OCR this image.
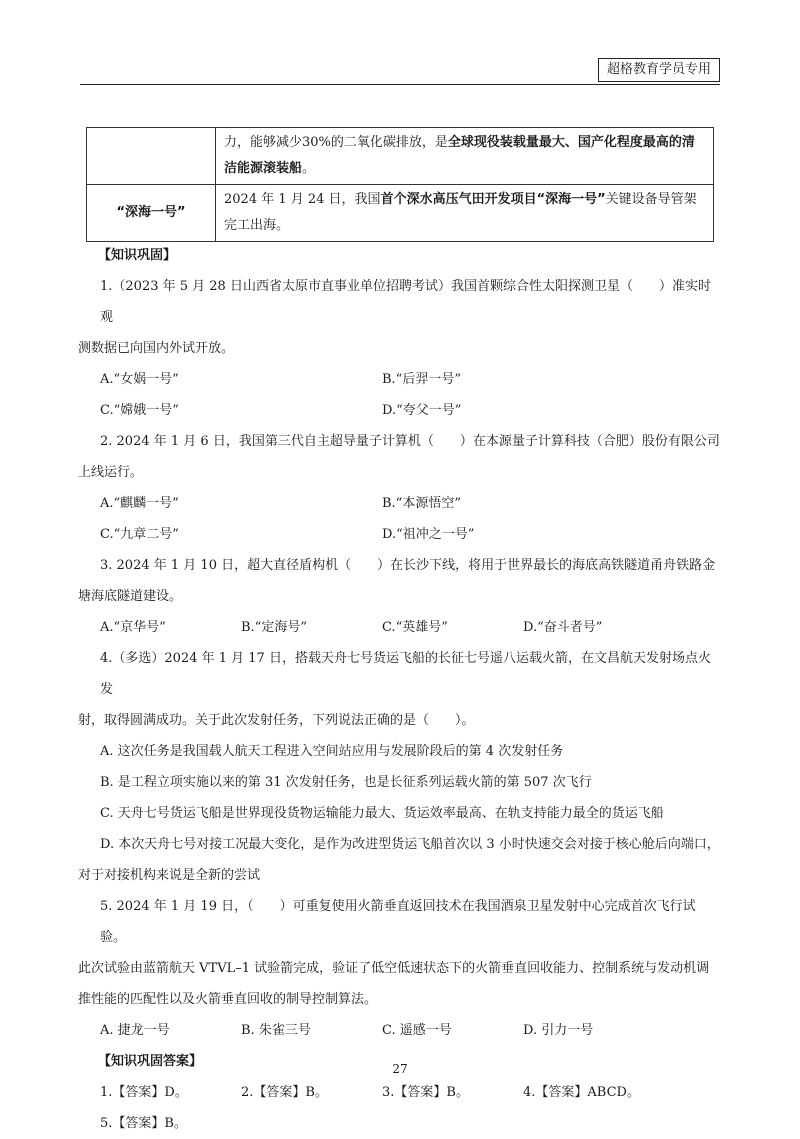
超格教育学员专用
	力，能够减少30%的二氧化碳排放，是全球现役装载量最大、国产化程度最高的清洁能源滚装船。
“深海一号”	2024 年 1 月 24 日，我国首个深水高压气田开发项目“深海一号”关键设备导管架完工出海。

【知识巩固】

1.（2023 年 5 月 28 日山西省太原市直事业单位招聘考试）我国首颗综合性太阳探测卫星（　　）准实时观

测数据已向国内外试开放。

A.“女娲一号”	B.“后羿一号”
C.“嫦娥一号”	D.“夸父一号”

2. 2024 年 1 月 6 日，我国第三代自主超导量子计算机（　　）在本源量子计算科技（合肥）股份有限公司

上线运行。

A.“麒麟一号”	B.“本源悟空”
C.“九章二号”	D.“祖冲之一号”

3. 2024 年 1 月 10 日，超大直径盾构机（　　）在长沙下线，将用于世界最长的海底高铁隧道甬舟铁路金

塘海底隧道建设。

A.“京华号”	B.“定海号”	C.“英雄号”	D.“奋斗者号”

4.（多选）2024 年 1 月 17 日，搭载天舟七号货运飞船的长征七号遥八运载火箭，在文昌航天发射场点火发

射，取得圆满成功。关于此次发射任务，下列说法正确的是（　　）。

A. 这次任务是我国载人航天工程进入空间站应用与发展阶段后的第 4 次发射任务

B. 是工程立项实施以来的第 31 次发射任务，也是长征系列运载火箭的第 507 次飞行

C. 天舟七号货运飞船是世界现役货物运输能力最大、货运效率最高、在轨支持能力最全的货运飞船

D. 本次天舟七号对接工况最大变化，是作为改进型货运飞船首次以 3 小时快速交会对接于核心舱后向端口，

对于对接机构来说是全新的尝试

5. 2024 年 1 月 19 日，（　　）可重复使用火箭垂直返回技术在我国酒泉卫星发射中心完成首次飞行试验。

此次试验由蓝箭航天 VTVL–1 试验箭完成，验证了低空低速状态下的火箭垂直回收能力、控制系统与发动机调

推性能的匹配性以及火箭垂直回收的制导控制算法。

A. 捷龙一号	B. 朱雀三号	C. 遥感一号	D. 引力一号

【知识巩固答案】

1.【答案】D。	2.【答案】B。	3.【答案】B。	4.【答案】ABCD。

5.【答案】B。

27
